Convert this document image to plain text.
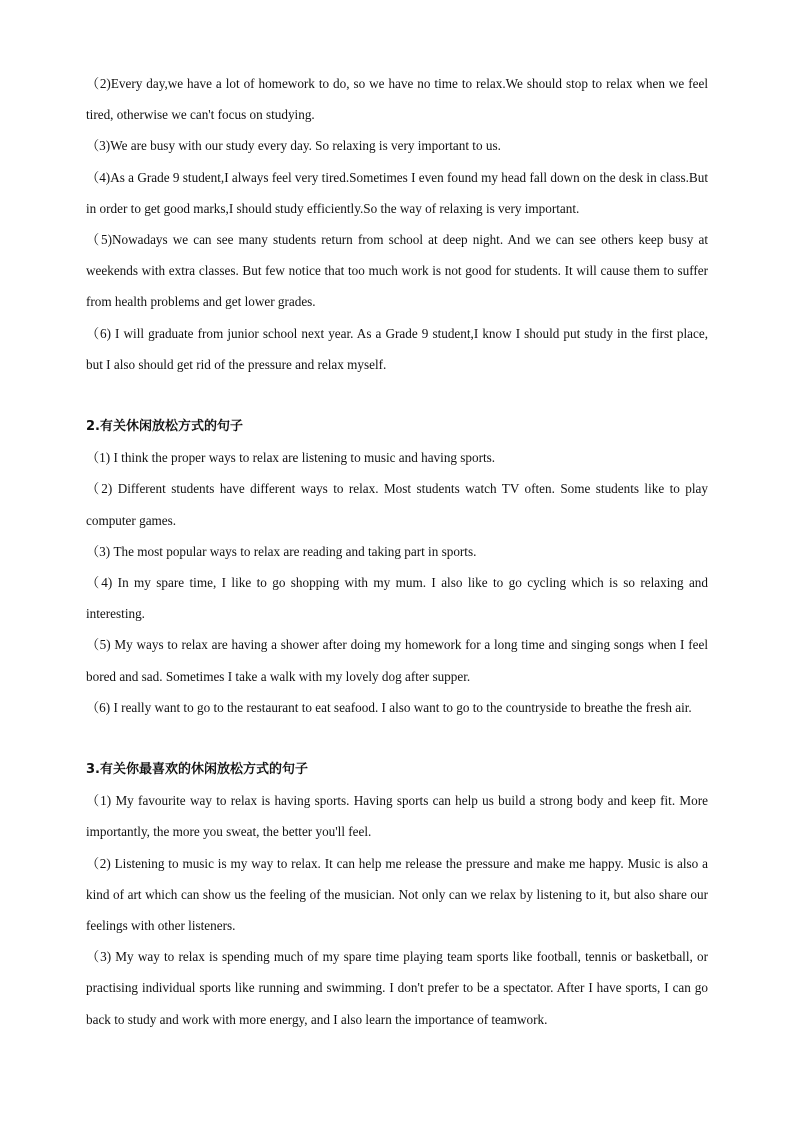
（2)Every day,we have a lot of homework to do, so we have no time to relax.We should stop to relax when we feel tired, otherwise we can't focus on studying.

（3)We are busy with our study every day. So relaxing is very important to us.

（4)As a Grade 9 student,I always feel very tired.Sometimes I even found my head fall down on the desk in class.But in order to get good marks,I should study efficiently.So the way of relaxing is very important.

（5)Nowadays we can see many students return from school at deep night. And we can see others keep busy at weekends with extra classes. But few notice that too much work is not good for students. It will cause them to suffer from health problems and get lower grades.

（6) I will graduate from junior school next year. As a Grade 9 student,I know I should put study in the first place, but I also should get rid of the pressure and relax myself.

2.有关休闲放松方式的句子

（1) I think the proper ways to relax are listening to music and having sports.

（2) Different students have different ways to relax. Most students watch TV often. Some students like to play computer games.

（3) The most popular ways to relax are reading and taking part in sports.

（4) In my spare time, I like to go shopping with my mum. I also like to go cycling which is so relaxing and interesting.

（5) My ways to relax are having a shower after doing my homework for a long time and singing songs when I feel bored and sad. Sometimes I take a walk with my lovely dog after supper.

（6) I really want to go to the restaurant to eat seafood. I also want to go to the countryside to breathe the fresh air.

3.有关你最喜欢的休闲放松方式的句子

（1) My favourite way to relax is having sports. Having sports can help us build a strong body and keep fit. More importantly, the more you sweat, the better you'll feel.

（2) Listening to music is my way to relax. It can help me release the pressure and make me happy. Music is also a kind of art which can show us the feeling of the musician. Not only can we relax by listening to it, but also share our feelings with other listeners.

（3) My way to relax is spending much of my spare time playing team sports like football, tennis or basketball, or practising individual sports like running and swimming. I don't prefer to be a spectator. After I have sports, I can go back to study and work with more energy, and I also learn the importance of teamwork.
